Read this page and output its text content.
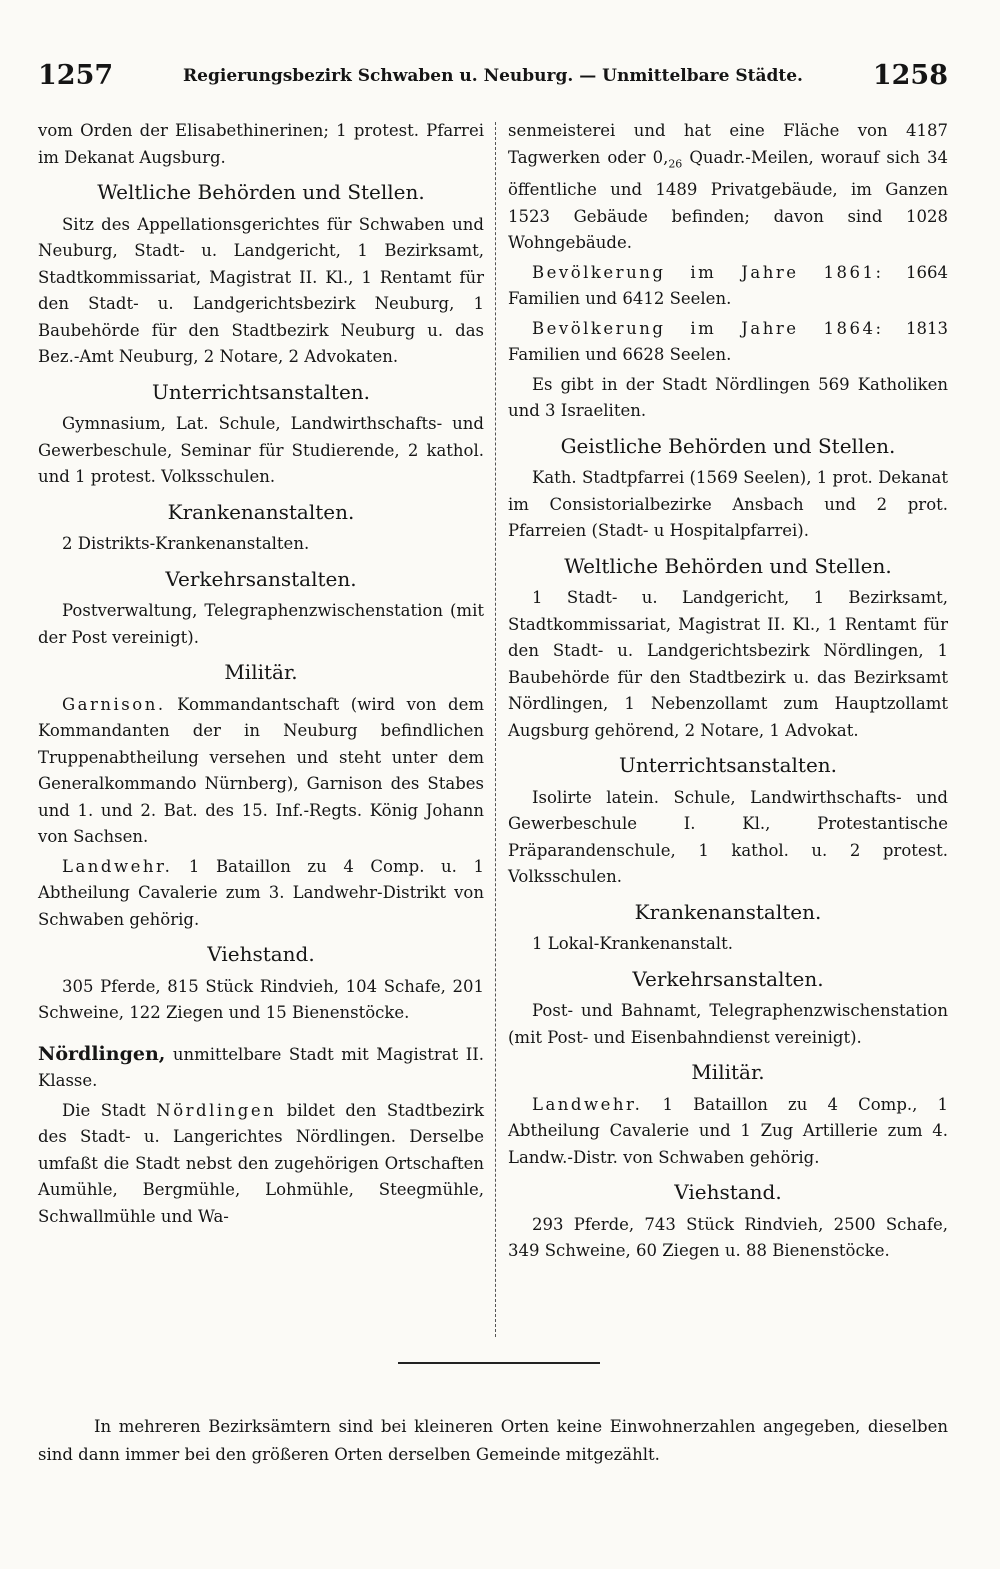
1257	Regierungsbezirk Schwaben u. Neuburg. — Unmittelbare Städte.	1258

vom Orden der Elisabethinerinen; 1 protest. Pfarrei im Dekanat Augsburg.

Weltliche Behörden und Stellen.

Sitz des Appellationsgerichtes für Schwaben und Neuburg, Stadt- u. Landgericht, 1 Bezirksamt, Stadtkommissariat, Magistrat II. Kl., 1 Rentamt für den Stadt- u. Landgerichtsbezirk Neuburg, 1 Baubehörde für den Stadtbezirk Neuburg u. das Bez.-Amt Neuburg, 2 Notare, 2 Advokaten.

Unterrichtsanstalten.

Gymnasium, Lat. Schule, Landwirthschafts- und Gewerbeschule, Seminar für Studierende, 2 kathol. und 1 protest. Volksschulen.

Krankenanstalten.

2 Distrikts-Krankenanstalten.

Verkehrsanstalten.

Postverwaltung, Telegraphenzwischenstation (mit der Post vereinigt).

Militär.

Garnison. Kommandantschaft (wird von dem Kommandanten der in Neuburg befindlichen Truppenabtheilung versehen und steht unter dem Generalkommando Nürnberg), Garnison des Stabes und 1. und 2. Bat. des 15. Inf.-Regts. König Johann von Sachsen.

Landwehr. 1 Bataillon zu 4 Comp. u. 1 Abtheilung Cavalerie zum 3. Landwehr-Distrikt von Schwaben gehörig.

Viehstand.

305 Pferde, 815 Stück Rindvieh, 104 Schafe, 201 Schweine, 122 Ziegen und 15 Bienenstöcke.

Nördlingen, unmittelbare Stadt mit Magistrat II. Klasse.

Die Stadt Nördlingen bildet den Stadtbezirk des Stadt- u. Langerichtes Nördlingen. Derselbe umfaßt die Stadt nebst den zugehörigen Ortschaften Aumühle, Bergmühle, Lohmühle, Steegmühle, Schwallmühle und Wa-

senmeisterei und hat eine Fläche von 4187 Tagwerken oder $0,_{26}$ Quadr.-Meilen, worauf sich 34 öffentliche und 1489 Privatgebäude, im Ganzen 1523 Gebäude befinden; davon sind 1028 Wohngebäude.

Bevölkerung im Jahre 1861: 1664 Familien und 6412 Seelen.

Bevölkerung im Jahre 1864: 1813 Familien und 6628 Seelen.

Es gibt in der Stadt Nördlingen 569 Katholiken und 3 Israeliten.

Geistliche Behörden und Stellen.

Kath. Stadtpfarrei (1569 Seelen), 1 prot. Dekanat im Consistorialbezirke Ansbach und 2 prot. Pfarreien (Stadt- u Hospitalpfarrei).

Weltliche Behörden und Stellen.

1 Stadt- u. Landgericht, 1 Bezirksamt, Stadtkommissariat, Magistrat II. Kl., 1 Rentamt für den Stadt- u. Landgerichtsbezirk Nördlingen, 1 Baubehörde für den Stadtbezirk u. das Bezirksamt Nördlingen, 1 Nebenzollamt zum Hauptzollamt Augsburg gehörend, 2 Notare, 1 Advokat.

Unterrichtsanstalten.

Isolirte latein. Schule, Landwirthschafts- und Gewerbeschule I. Kl., Protestantische Präparandenschule, 1 kathol. u. 2 protest. Volksschulen.

Krankenanstalten.

1 Lokal-Krankenanstalt.

Verkehrsanstalten.

Post- und Bahnamt, Telegraphenzwischenstation (mit Post- und Eisenbahndienst vereinigt).

Militär.

Landwehr. 1 Bataillon zu 4 Comp., 1 Abtheilung Cavalerie und 1 Zug Artillerie zum 4. Landw.-Distr. von Schwaben gehörig.

Viehstand.

293 Pferde, 743 Stück Rindvieh, 2500 Schafe, 349 Schweine, 60 Ziegen u. 88 Bienenstöcke.

In mehreren Bezirksämtern sind bei kleineren Orten keine Einwohnerzahlen angegeben, dieselben sind dann immer bei den größeren Orten derselben Gemeinde mitgezählt.
